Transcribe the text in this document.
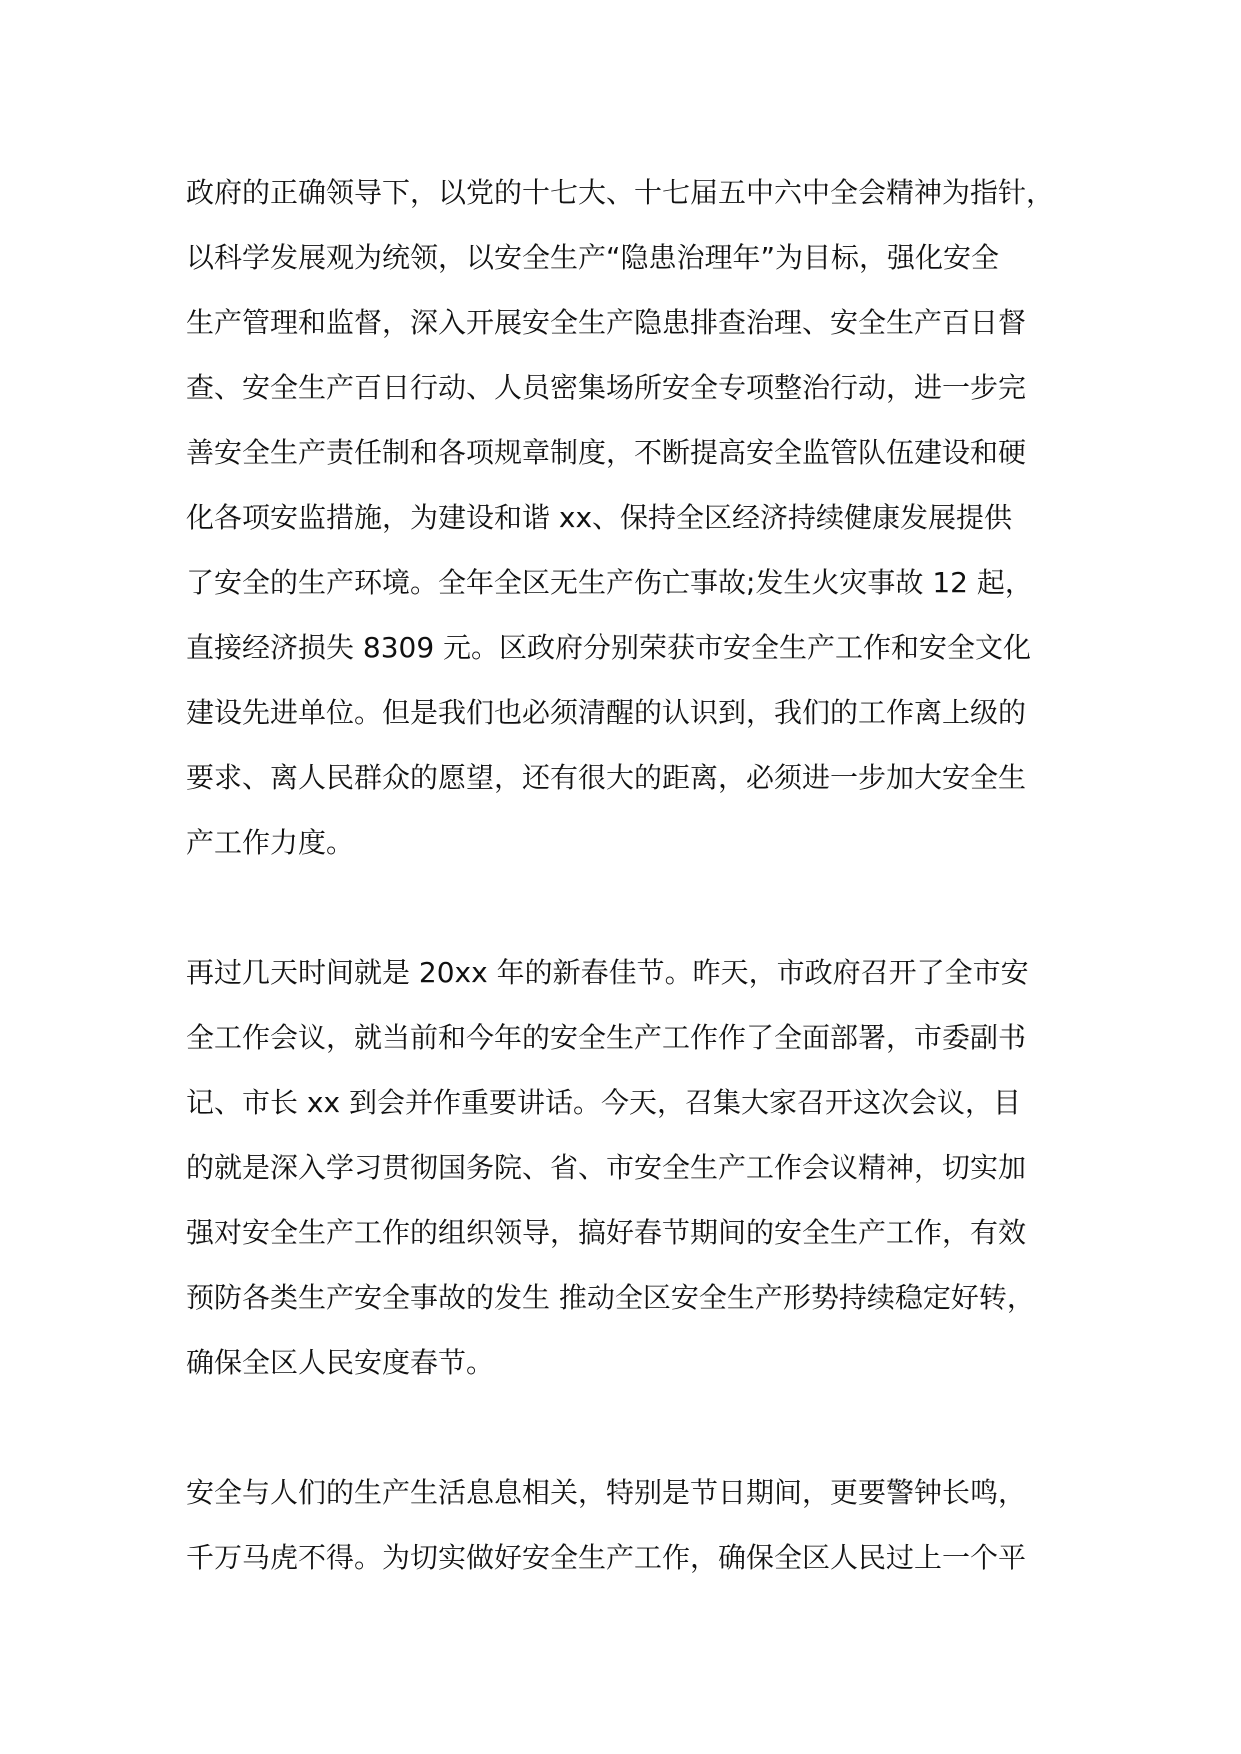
政府的正确领导下，以党的十七大、十七届五中六中全会精神为指针，
以科学发展观为统领，以安全生产“隐患治理年”为目标，强化安全
生产管理和监督，深入开展安全生产隐患排查治理、安全生产百日督
查、安全生产百日行动、人员密集场所安全专项整治行动，进一步完
善安全生产责任制和各项规章制度，不断提高安全监管队伍建设和硬
化各项安监措施，为建设和谐 xx、保持全区经济持续健康发展提供
了安全的生产环境。全年全区无生产伤亡事故;发生火灾事故 12 起，
直接经济损失 8309 元。区政府分别荣获市安全生产工作和安全文化
建设先进单位。但是我们也必须清醒的认识到，我们的工作离上级的
要求、离人民群众的愿望，还有很大的距离，必须进一步加大安全生
产工作力度。
再过几天时间就是 20xx 年的新春佳节。昨天，市政府召开了全市安
全工作会议，就当前和今年的安全生产工作作了全面部署，市委副书
记、市长 xx 到会并作重要讲话。今天，召集大家召开这次会议，目
的就是深入学习贯彻国务院、省、市安全生产工作会议精神，切实加
强对安全生产工作的组织领导，搞好春节期间的安全生产工作，有效
预防各类生产安全事故的发生 推动全区安全生产形势持续稳定好转，
确保全区人民安度春节。
安全与人们的生产生活息息相关，特别是节日期间，更要警钟长鸣，
千万马虎不得。为切实做好安全生产工作，确保全区人民过上一个平
